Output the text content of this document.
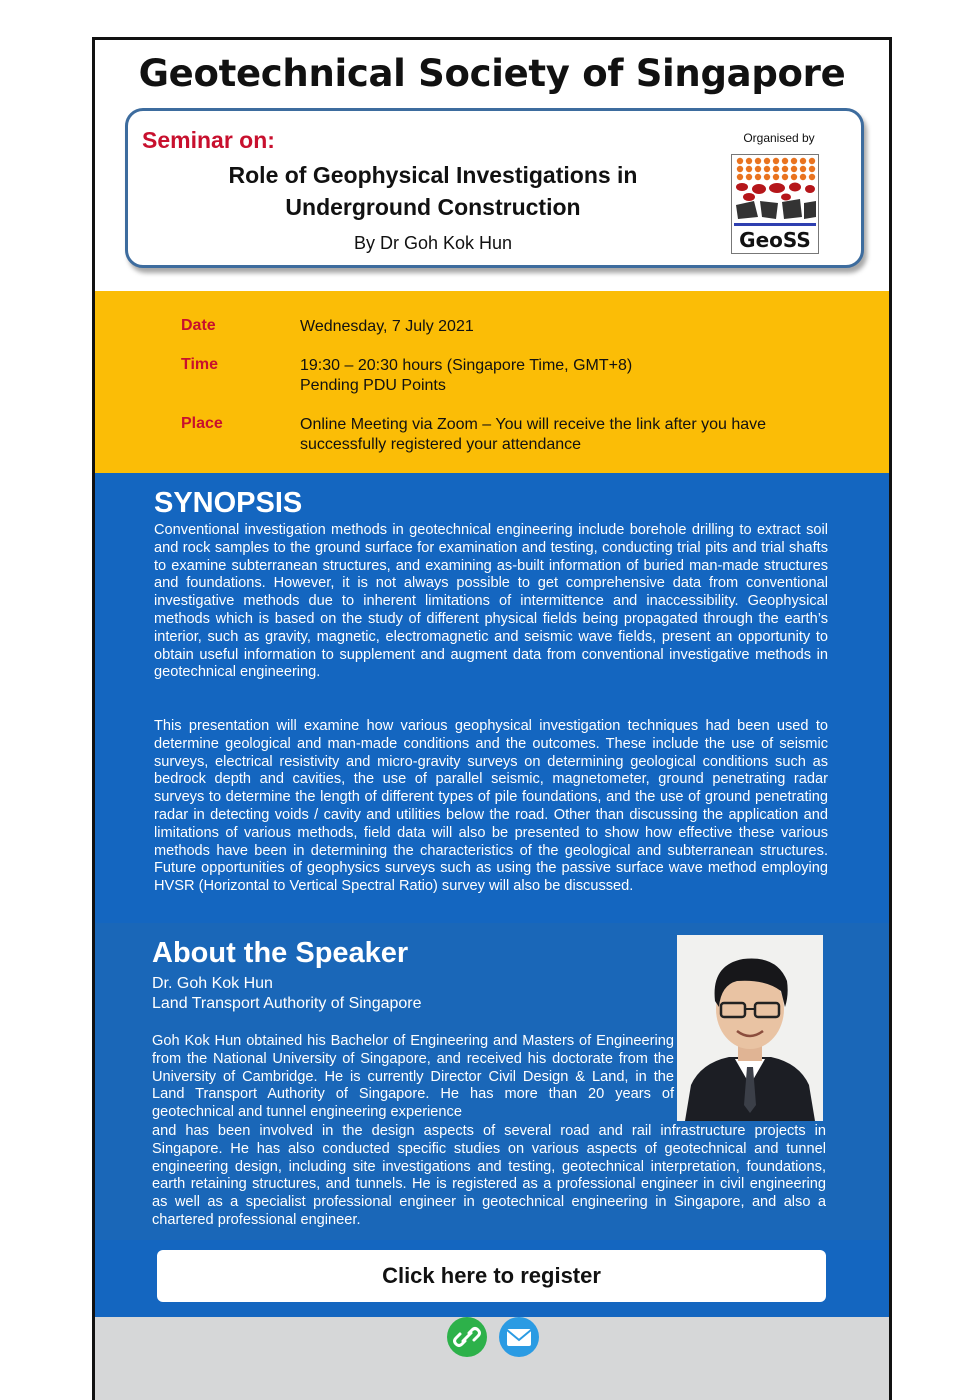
Geotechnical Society of Singapore
Seminar on:
Role of Geophysical Investigations in
Underground Construction
By Dr Goh Kok Hun
Organised by
GeoSS
Date	Wednesday, 7 July 2021
Time	19:30 – 20:30 hours (Singapore Time, GMT+8)
Pending PDU Points
Place	Online Meeting via Zoom – You will receive the link after you have successfully registered your attendance
SYNOPSIS

Conventional investigation methods in geotechnical engineering include borehole drilling to extract soil and rock samples to the ground surface for examination and testing, conducting trial pits and trial shafts to examine subterranean structures, and examining as-built information of buried man-made structures and foundations. However, it is not always possible to get comprehensive data from conventional investigative methods due to inherent limitations of intermittence and inaccessibility. Geophysical methods which is based on the study of different physical fields being propagated through the earth’s interior, such as gravity, magnetic, electromagnetic and seismic wave fields, present an opportunity to obtain useful information to supplement and augment data from conventional investigative methods in geotechnical engineering.

This presentation will examine how various geophysical investigation techniques had been used to determine geological and man-made conditions and the outcomes. These include the use of seismic surveys, electrical resistivity and micro-gravity surveys on determining geological conditions such as bedrock depth and cavities, the use of parallel seismic, magnetometer, ground penetrating radar surveys to determine the length of different types of pile foundations, and the use of ground penetrating radar in detecting voids / cavity and utilities below the road. Other than discussing the application and limitations of various methods, field data will also be presented to show how effective these various methods have been in determining the characteristics of the geological and subterranean structures. Future opportunities of geophysics surveys such as using the passive surface wave method employing HVSR (Horizontal to Vertical Spectral Ratio) survey will also be discussed.

About the Speaker
Dr. Goh Kok Hun
Land Transport Authority of Singapore

Goh Kok Hun obtained his Bachelor of Engineering and Masters of Engineering from the National University of Singapore, and received his doctorate from the University of Cambridge. He is currently Director Civil Design & Land, in the Land Transport Authority of Singapore. He has more than 20 years of geotechnical and tunnel engineering experience

and has been involved in the design aspects of several road and rail infrastructure projects in Singapore. He has also conducted specific studies on various aspects of geotechnical and tunnel engineering design, including site investigations and testing, geotechnical interpretation, foundations, earth retaining structures, and tunnels. He is registered as a professional engineer in civil engineering as well as a specialist professional engineer in geotechnical engineering in Singapore, and also a chartered professional engineer.

Click here to register
